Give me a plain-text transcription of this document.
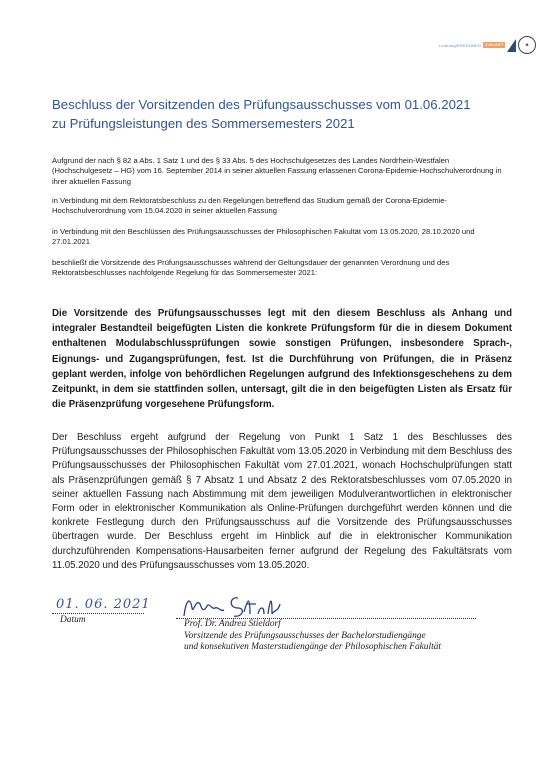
Leistung/ERKENNEN ZUKUNFT	✦
Beschluss der Vorsitzenden des Prüfungsausschusses vom 01.06.2021
zu Prüfungsleistungen des Sommersemesters 2021

Aufgrund der nach § 82 a Abs. 1 Satz 1 und des § 33 Abs. 5 des Hochschulgesetzes des Landes Nordrhein-Westfalen (Hochschulgesetz – HG) vom 16. September 2014 in seiner aktuellen Fassung erlassenen Corona-Epidemie-Hochschulverordnung in ihrer aktuellen Fassung

in Verbindung mit dem Rektoratsbeschluss zu den Regelungen betreffend das Studium gemäß der Corona-Epidemie-Hochschulverordnung vom 15.04.2020 in seiner aktuellen Fassung

in Verbindung mit den Beschlüssen des Prüfungsausschusses der Philosophischen Fakultät vom 13.05.2020, 28.10.2020 und 27.01.2021

beschließt die Vorsitzende des Prüfungsausschusses während der Geltungsdauer der genannten Verordnung und des Rektoratsbeschlusses nachfolgende Regelung für das Sommersemester 2021:

Die Vorsitzende des Prüfungsausschusses legt mit den diesem Beschluss als Anhang und integraler Bestandteil beigefügten Listen die konkrete Prüfungsform für die in diesem Dokument enthaltenen Modulabschlussprüfungen sowie sonstigen Prüfungen, insbesondere Sprach-, Eignungs- und Zugangsprüfungen, fest. Ist die Durchführung von Prüfungen, die in Präsenz geplant werden, infolge von behördlichen Regelungen aufgrund des Infektionsgeschehens zu dem Zeitpunkt, in dem sie stattfinden sollen, untersagt, gilt die in den beigefügten Listen als Ersatz für die Präsenzprüfung vorgesehene Prüfungsform.

Der Beschluss ergeht aufgrund der Regelung von Punkt 1 Satz 1 des Beschlusses des Prüfungsausschusses der Philosophischen Fakultät vom 13.05.2020 in Verbindung mit dem Beschluss des Prüfungsausschusses der Philosophischen Fakultät vom 27.01.2021, wonach Hochschulprüfungen statt als Präsenzprüfungen gemäß § 7 Absatz 1 und Absatz 2 des Rektoratsbeschlusses vom 07.05.2020 in seiner aktuellen Fassung nach Abstimmung mit dem jeweiligen Modulverantwortlichen in elektronischer Form oder in elektronischer Kommunikation als Online-Prüfungen durchgeführt werden können und die konkrete Festlegung durch den Prüfungsausschuss auf die Vorsitzende des Prüfungsausschusses übertragen wurde. Der Beschluss ergeht im Hinblick auf die in elektronischer Kommunikation durchzuführenden Kompensations-Hausarbeiten ferner aufgrund der Regelung des Fakultätsrats vom 11.05.2020 und des Prüfungsausschusses vom 13.05.2020.

01. 06. 2021
Datum	Prof. Dr. Andrea Stieldorf
Vorsitzende des Prüfungsausschusses der Bachelorstudiengänge
und konsekutiven Masterstudiengänge der Philosophischen Fakultät
